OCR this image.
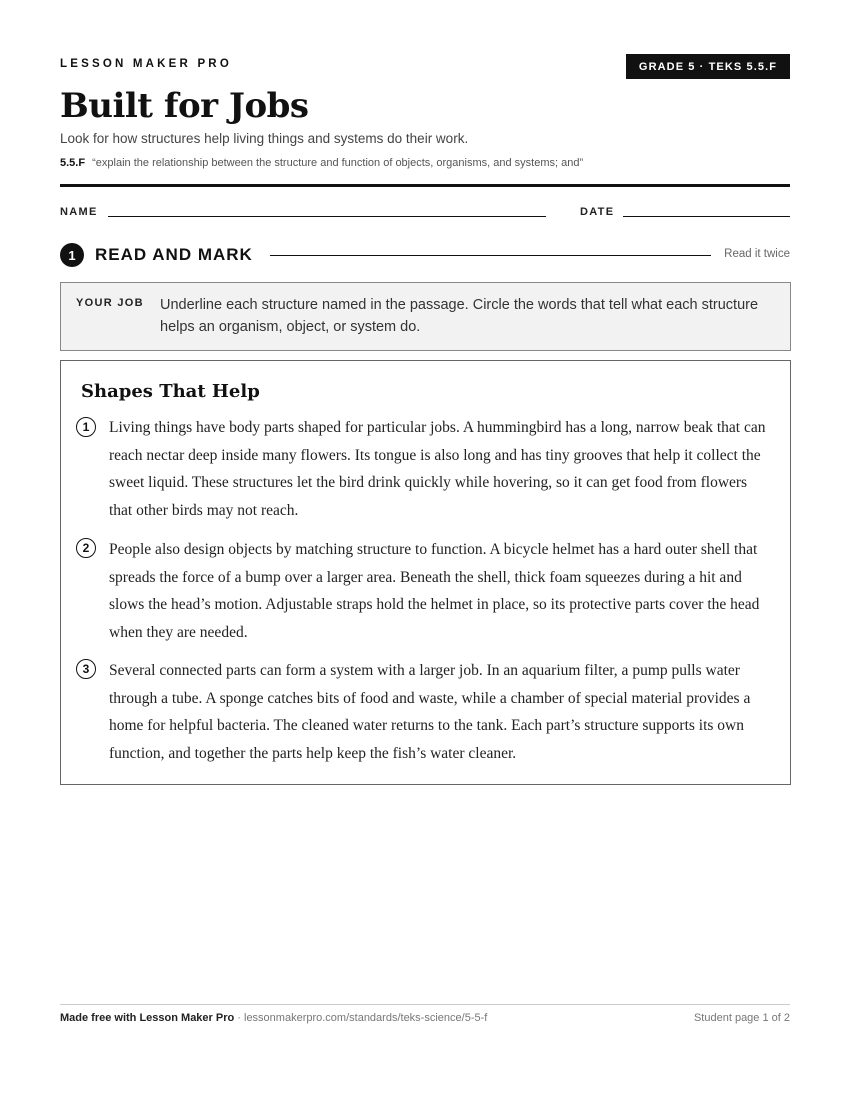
LESSON MAKER PRO	GRADE 5 · TEKS 5.5.F
Built for Jobs
Look for how structures help living things and systems do their work.
5.5.F “explain the relationship between the structure and function of objects, organisms, and systems; and”
NAME	DATE
1	READ AND MARK	Read it twice
YOUR JOB Underline each structure named in the passage. Circle the words that tell what each structure helps an organism, object, or system do.
Shapes That Help
1	Living things have body parts shaped for particular jobs. A hummingbird has a long, narrow beak that can reach nectar deep inside many flowers. Its tongue is also long and has tiny grooves that help it collect the sweet liquid. These structures let the bird drink quickly while hovering, so it can get food from flowers that other birds may not reach.
2	People also design objects by matching structure to function. A bicycle helmet has a hard outer shell that spreads the force of a bump over a larger area. Beneath the shell, thick foam squeezes during a hit and slows the head’s motion. Adjustable straps hold the helmet in place, so its protective parts cover the head when they are needed.
3	Several connected parts can form a system with a larger job. In an aquarium filter, a pump pulls water through a tube. A sponge catches bits of food and waste, while a chamber of special material provides a home for helpful bacteria. The cleaned water returns to the tank. Each part’s structure supports its own function, and together the parts help keep the fish’s water cleaner.
Made free with Lesson Maker Pro · lessonmakerpro.com/standards/teks-science/5-5-f	Student page 1 of 2
